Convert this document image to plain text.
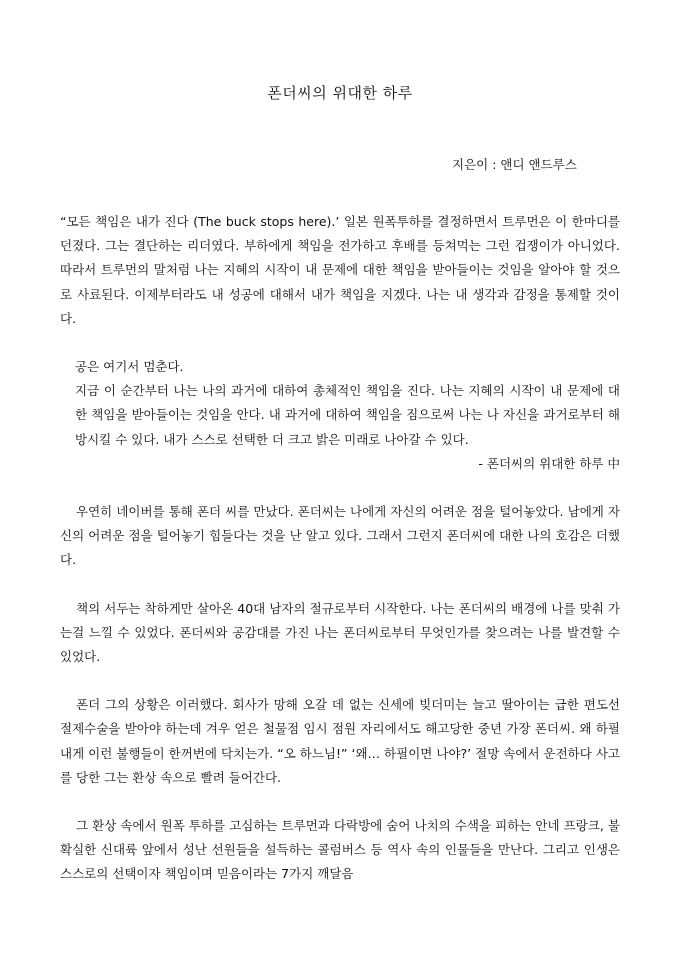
폰더씨의 위대한 하루
지은이 : 앤디 앤드루스

“모든 책임은 내가 진다 (The buck stops here).’ 일본 원폭투하를 결정하면서 트루먼은 이 한마디를 던졌다. 그는 결단하는 리더였다. 부하에게 책임을 전가하고 후배를 등쳐먹는 그런 겁쟁이가 아니었다. 따라서 트루먼의 말처럼 나는 지혜의 시작이 내 문제에 대한 책임을 받아들이는 것임을 알아야 할 것으로 사료된다. 이제부터라도 내 성공에 대해서 내가 책임을 지겠다. 나는 내 생각과 감정을 통제할 것이다.

공은 여기서 멈춘다.

지금 이 순간부터 나는 나의 과거에 대하여 총체적인 책임을 진다. 나는 지혜의 시작이 내 문제에 대한 책임을 받아들이는 것임을 안다. 내 과거에 대하여 책임을 짐으로써 나는 나 자신을 과거로부터 해방시킬 수 있다. 내가 스스로 선택한 더 크고 밝은 미래로 나아갈 수 있다.

- 폰더씨의 위대한 하루 中

우연히 네이버를 통해 폰더 씨를 만났다. 폰더씨는 나에게 자신의 어려운 점을 털어놓았다. 남에게 자신의 어려운 점을 털어놓기 힘들다는 것을 난 알고 있다. 그래서 그런지 폰더씨에 대한 나의 호감은 더했다.

책의 서두는 착하게만 살아온 40대 남자의 절규로부터 시작한다. 나는 폰더씨의 배경에 나를 맞춰 가는걸 느낄 수 있었다. 폰더씨와 공감대를 가진 나는 폰더씨로부터 무엇인가를 찾으려는 나를 발견할 수 있었다.

폰더 그의 상황은 이러했다. 회사가 망해 오갈 데 없는 신세에 빚더미는 늘고 딸아이는 급한 편도선 절제수술을 받아야 하는데 겨우 얻은 철물점 임시 점원 자리에서도 해고당한 중년 가장 폰더씨. 왜 하필 내게 이런 불행들이 한꺼번에 닥치는가. “오 하느님!” ‘왜… 하필이면 나야?’ 절망 속에서 운전하다 사고를 당한 그는 환상 속으로 빨려 들어간다.

그 환상 속에서 원폭 투하를 고심하는 트루먼과 다락방에 숨어 나치의 수색을 피하는 안네 프랑크, 불확실한 신대륙 앞에서 성난 선원들을 설득하는 콜럼버스 등 역사 속의 인물들을 만난다. 그리고 인생은 스스로의 선택이자 책임이며 믿음이라는 7가지 깨달음
